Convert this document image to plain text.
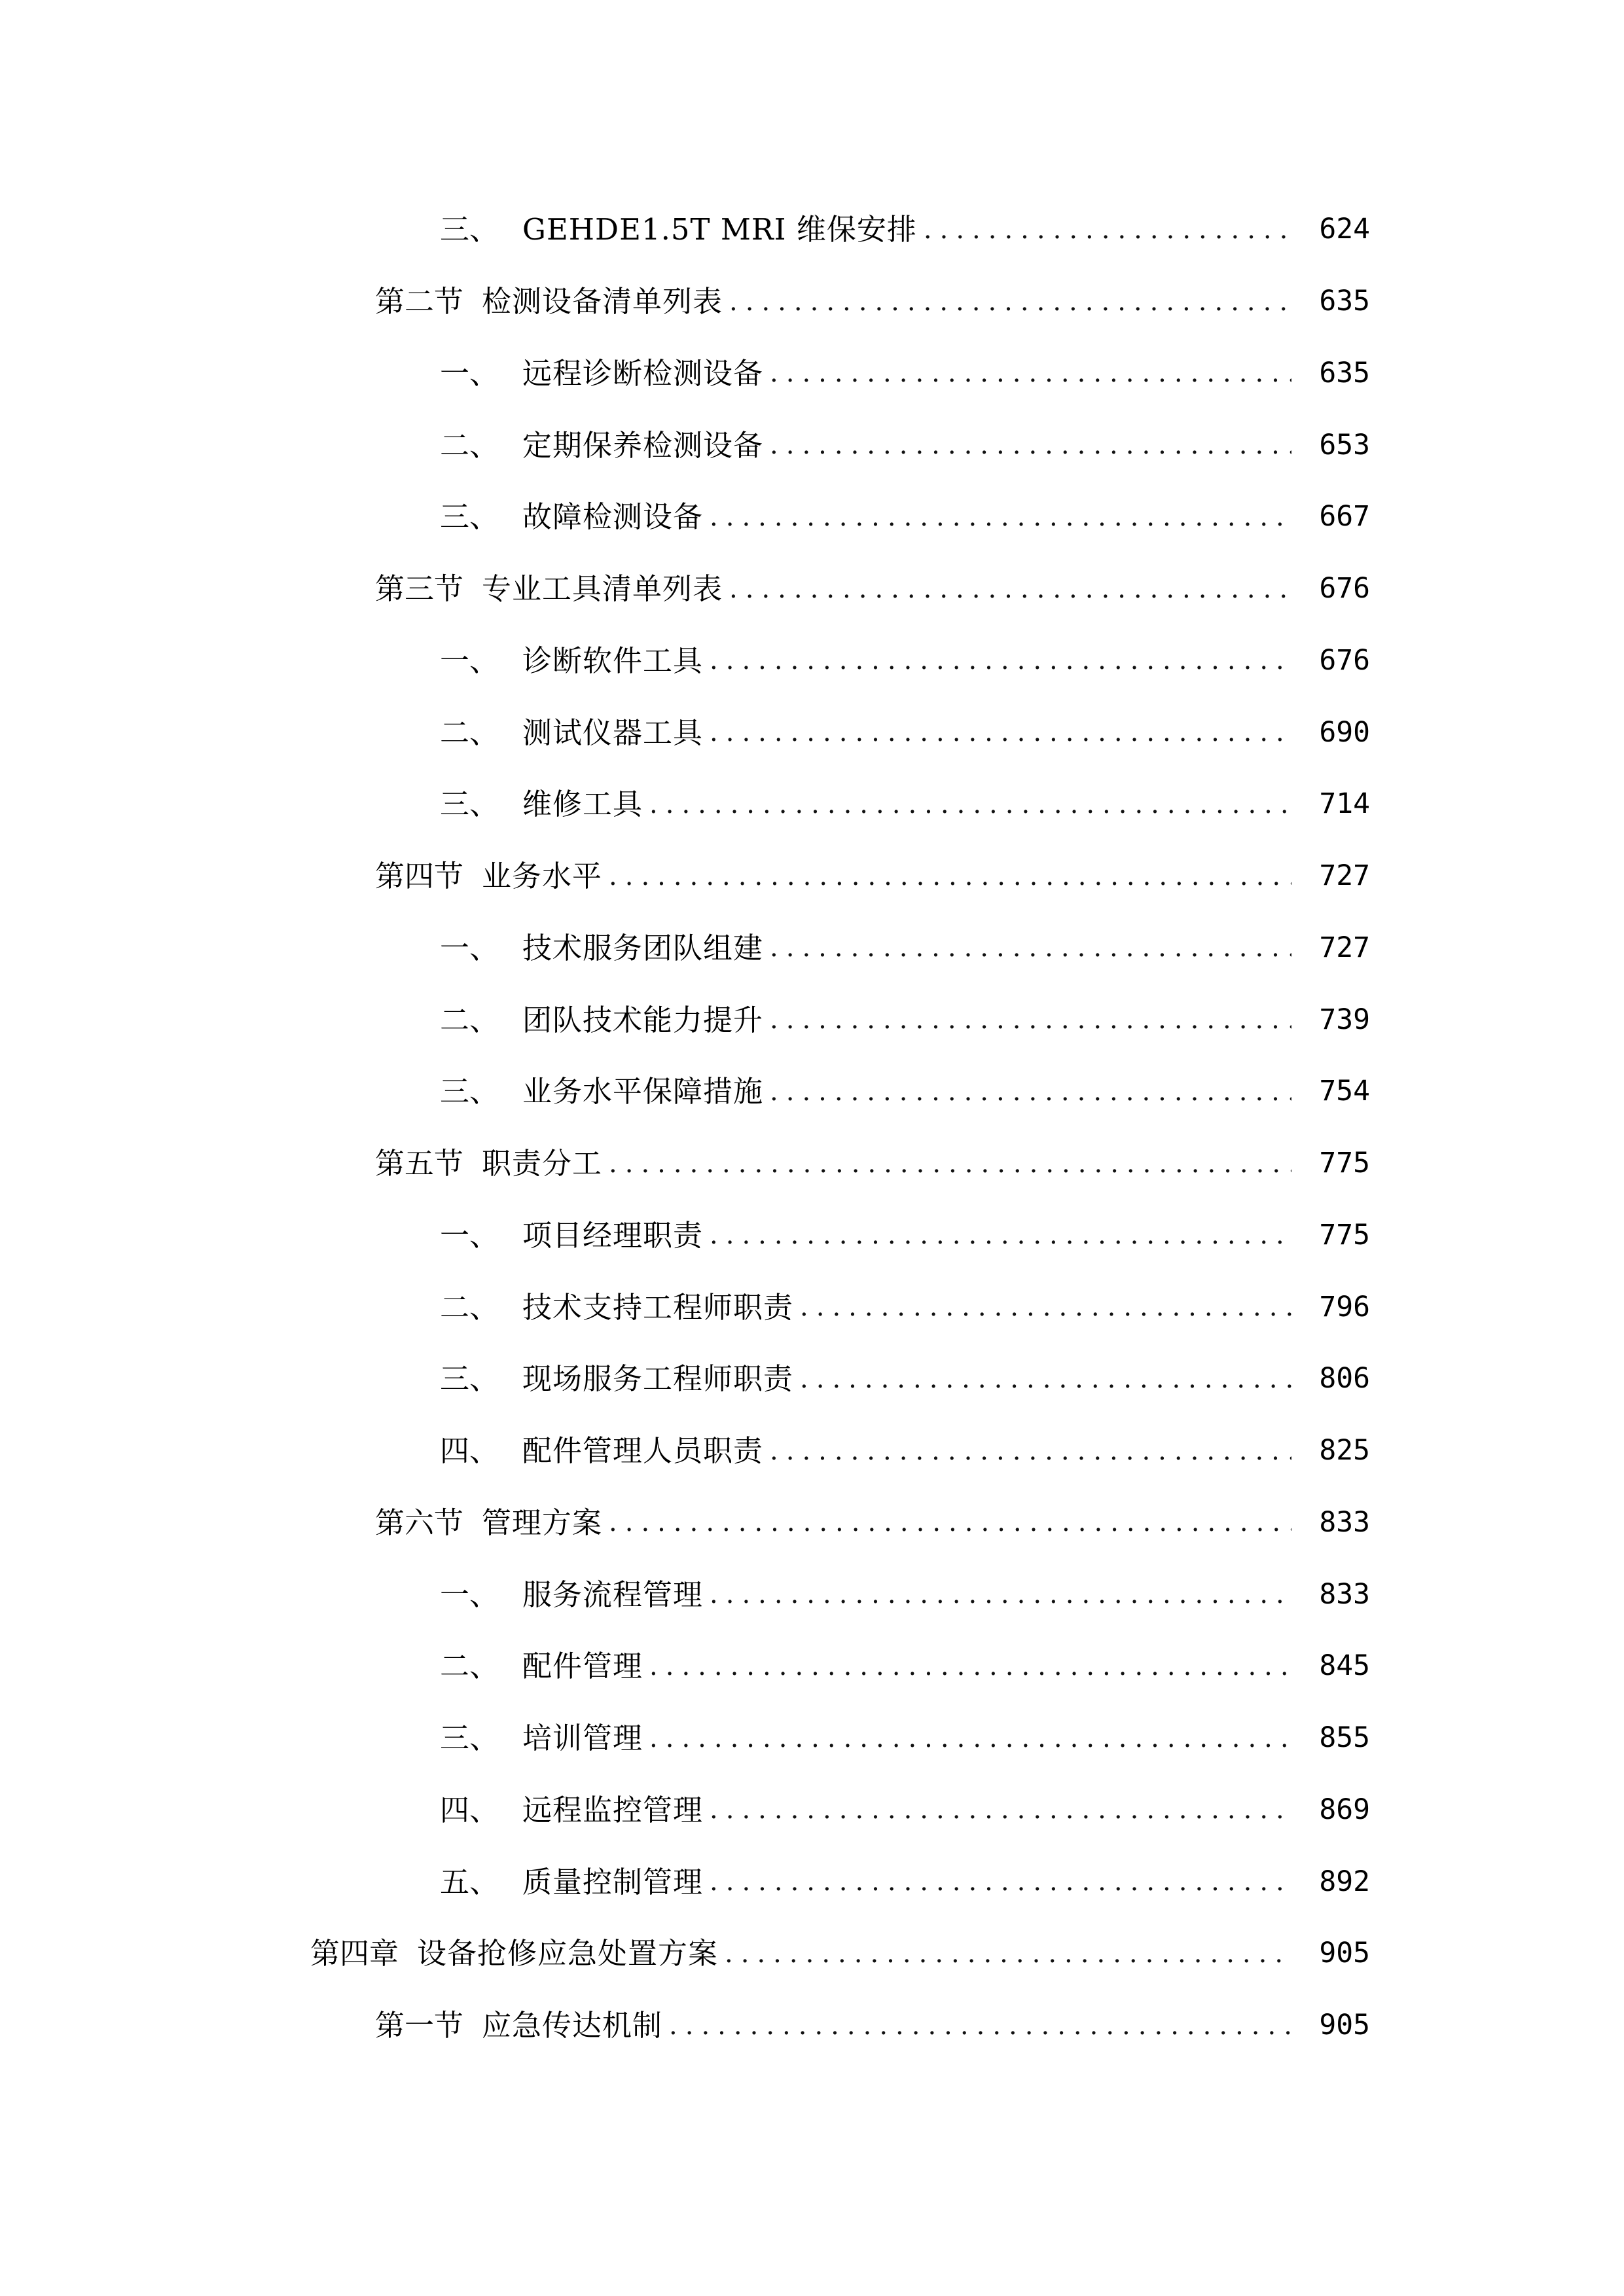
三、 GEHDE1.5T MRI 维保安排 .....	624
第二节 检测设备清单列表 .....	635
一、 远程诊断检测设备 .....	635
二、 定期保养检测设备 .....	653
三、 故障检测设备 .....	667
第三节 专业工具清单列表 .....	676
一、 诊断软件工具 .....	676
二、 测试仪器工具 .....	690
三、 维修工具 .....	714
第四节 业务水平 .....	727
一、 技术服务团队组建 .....	727
二、 团队技术能力提升 .....	739
三、 业务水平保障措施 .....	754
第五节 职责分工 .....	775
一、 项目经理职责 .....	775
二、 技术支持工程师职责 .....	796
三、 现场服务工程师职责 .....	806
四、 配件管理人员职责 .....	825
第六节 管理方案 .....	833
一、 服务流程管理 .....	833
二、 配件管理 .....	845
三、 培训管理 .....	855
四、 远程监控管理 .....	869
五、 质量控制管理 .....	892
第四章 设备抢修应急处置方案 .....	905
第一节 应急传达机制 .....	905
